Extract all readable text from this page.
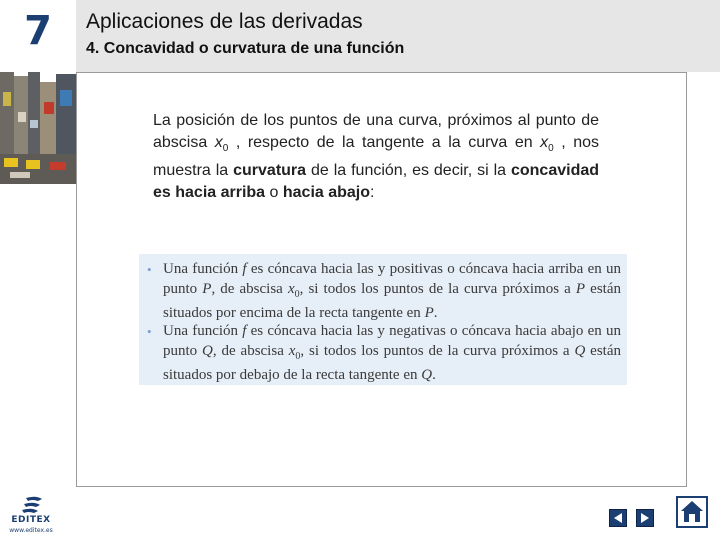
7	Aplicaciones de las derivadas
4. Concavidad o curvatura de una función
La posición de los puntos de una curva, próximos al punto de abscisa $x_0$ , respecto de la tangente a la curva en $x_0$ , nos muestra la curvatura de la función, es decir, si la concavidad es hacia arriba o hacia abajo:
• Una función f es cóncava hacia las y positivas o cóncava hacia arriba en un punto P, de abscisa $x_0$, si todos los puntos de la curva próximos a P están situados por encima de la recta tangente en P.
• Una función f es cóncava hacia las y negativas o cóncava hacia abajo en un punto Q, de abscisa $x_0$, si todos los puntos de la curva próximos a Q están situados por debajo de la recta tangente en Q.
EDITEX
www.editex.es
